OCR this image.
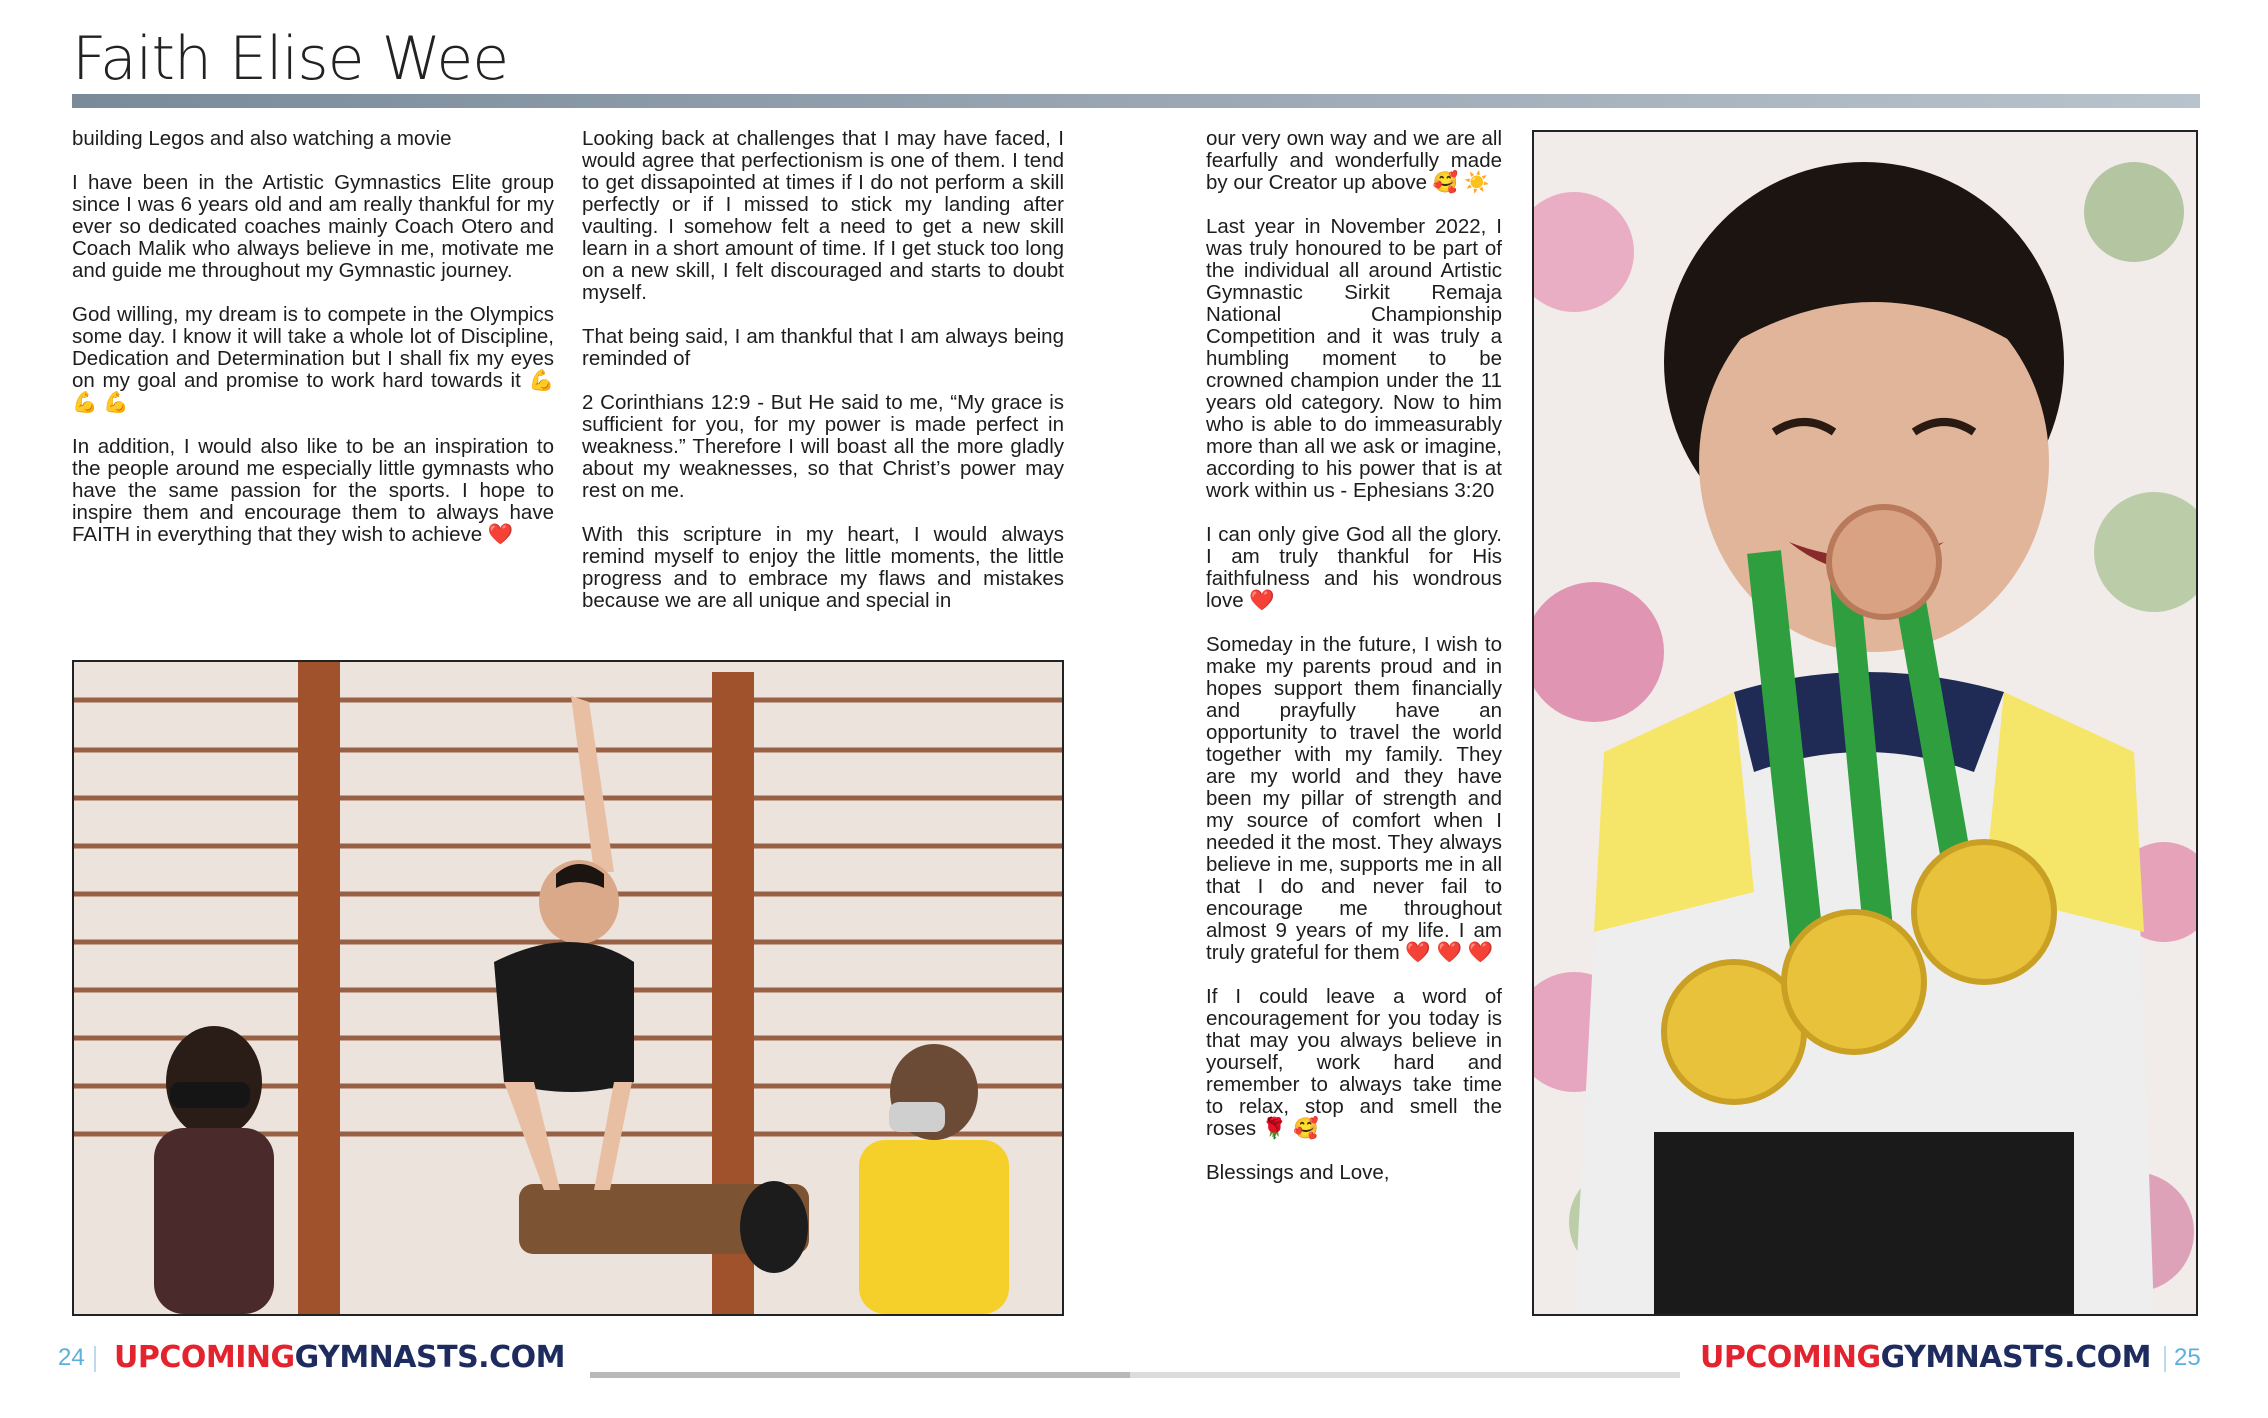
Faith Elise Wee

building Legos and also watching a movie

I have been in the Artistic Gymnastics Elite group since I was 6 years old and am really thankful for my ever so dedicated coaches mainly Coach Otero and Coach Malik who always believe in me, motivate me and guide me throughout my Gymnastic journey.

God willing, my dream is to compete in the Olympics some day. I know it will take a whole lot of Discipline, Dedication and Determination but I shall fix my eyes on my goal and promise to work hard towards it 💪 💪 💪

In addition, I would also like to be an inspiration to the people around me especially little gymnasts who have the same passion for the sports. I hope to inspire them and encourage them to always have FAITH in everything that they wish to achieve ❤️

Looking back at challenges that I may have faced, I would agree that perfectionism is one of them. I tend to get dissapointed at times if I do not perform a skill perfectly or if I missed to stick my landing after vaulting. I somehow felt a need to get a new skill learn in a short amount of time. If I get stuck too long on a new skill, I felt discouraged and starts to doubt myself.

That being said, I am thankful that I am always being reminded of

2 Corinthians 12:9 - But He said to me, “My grace is sufficient for you, for my power is made perfect in weakness.” Therefore I will boast all the more gladly about my weaknesses, so that Christ’s power may rest on me.

With this scripture in my heart, I would always remind myself to enjoy the little moments, the little progress and to embrace my flaws and mistakes because we are all unique and special in

our very own way and we are all fearfully and wonderfully made by our Creator up above 🥰 ☀️

Last year in November 2022, I was truly honoured to be part of the individual all around Artistic Gymnastic Sirkit Remaja National Championship Competition and it was truly a humbling moment to be crowned champion under the 11 years old category. Now to him who is able to do immeasurably more than all we ask or imagine, according to his power that is at work within us - Ephesians 3:20

I can only give God all the glory. I am truly thankful for His faithfulness and his wondrous love ❤️

Someday in the future, I wish to make my parents proud and in hopes support them financially and prayfully have an opportunity to travel the world together with my family. They are my world and they have been my pillar of strength and my source of comfort when I needed it the most. They always believe in me, supports me in all that I do and never fail to encourage me throughout almost 9 years of my life. I am truly grateful for them ❤️ ❤️ ❤️

If I could leave a word of encouragement for you today is that may you always believe in yourself, work hard and remember to always take time to relax, stop and smell the roses 🌹 🥰

Blessings and Love,

24 UPCOMINGGYMNASTS.COM	UPCOMINGGYMNASTS.COM 25
